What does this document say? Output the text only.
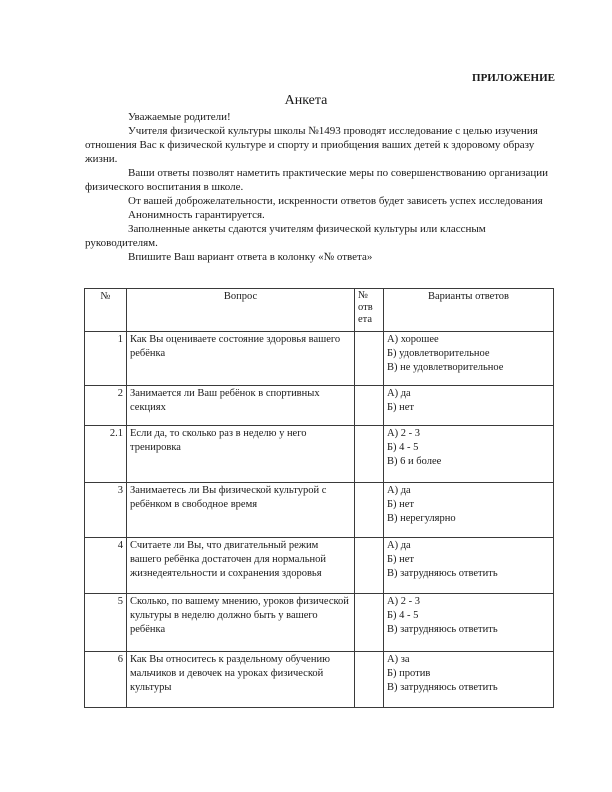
ПРИЛОЖЕНИЕ
Анкета

Уважаемые родители!

Учителя физической культуры школы №1493 проводят исследование с целью изучения отношения Вас к физической культуре и спорту и приобщения ваших детей к здоровому образу жизни.

Ваши ответы позволят наметить практические меры по совершенствованию организации физического воспитания в школе.

От вашей доброжелательности, искренности ответов будет зависеть успех исследования

Анонимность гарантируется.

Заполненные анкеты сдаются учителям физической культуры или классным руководителям.

Впишите Ваш вариант ответа в колонку «№ ответа»

№	Вопрос	№ отв ета	Варианты ответов
1	Как Вы оцениваете состояние здоровья вашего ребёнка		А) хорошее
Б) удовлетворительное
В) не удовлетворительное

2	Занимается ли Ваш ребёнок в спортивных секциях		А) да
Б) нет

2.1	Если да, то сколько раз в неделю у него тренировка		А) 2 - 3
Б) 4 - 5
В) 6 и более

3	Занимаетесь ли Вы физической культурой с ребёнком в свободное время		А) да
Б) нет
В) нерегулярно

4	Считаете ли Вы, что двигательный режим вашего ребёнка достаточен для нормальной жизнедеятельности и сохранения здоровья		А) да
Б) нет
В) затрудняюсь ответить

5	Сколько, по вашему мнению, уроков физической культуры в неделю должно быть у вашего ребёнка		А) 2 - 3
Б) 4 - 5
В) затрудняюсь ответить

6	Как Вы относитесь к раздельному обучению мальчиков и девочек на уроках физической культуры		А) за
Б) против
В) затрудняюсь ответить
